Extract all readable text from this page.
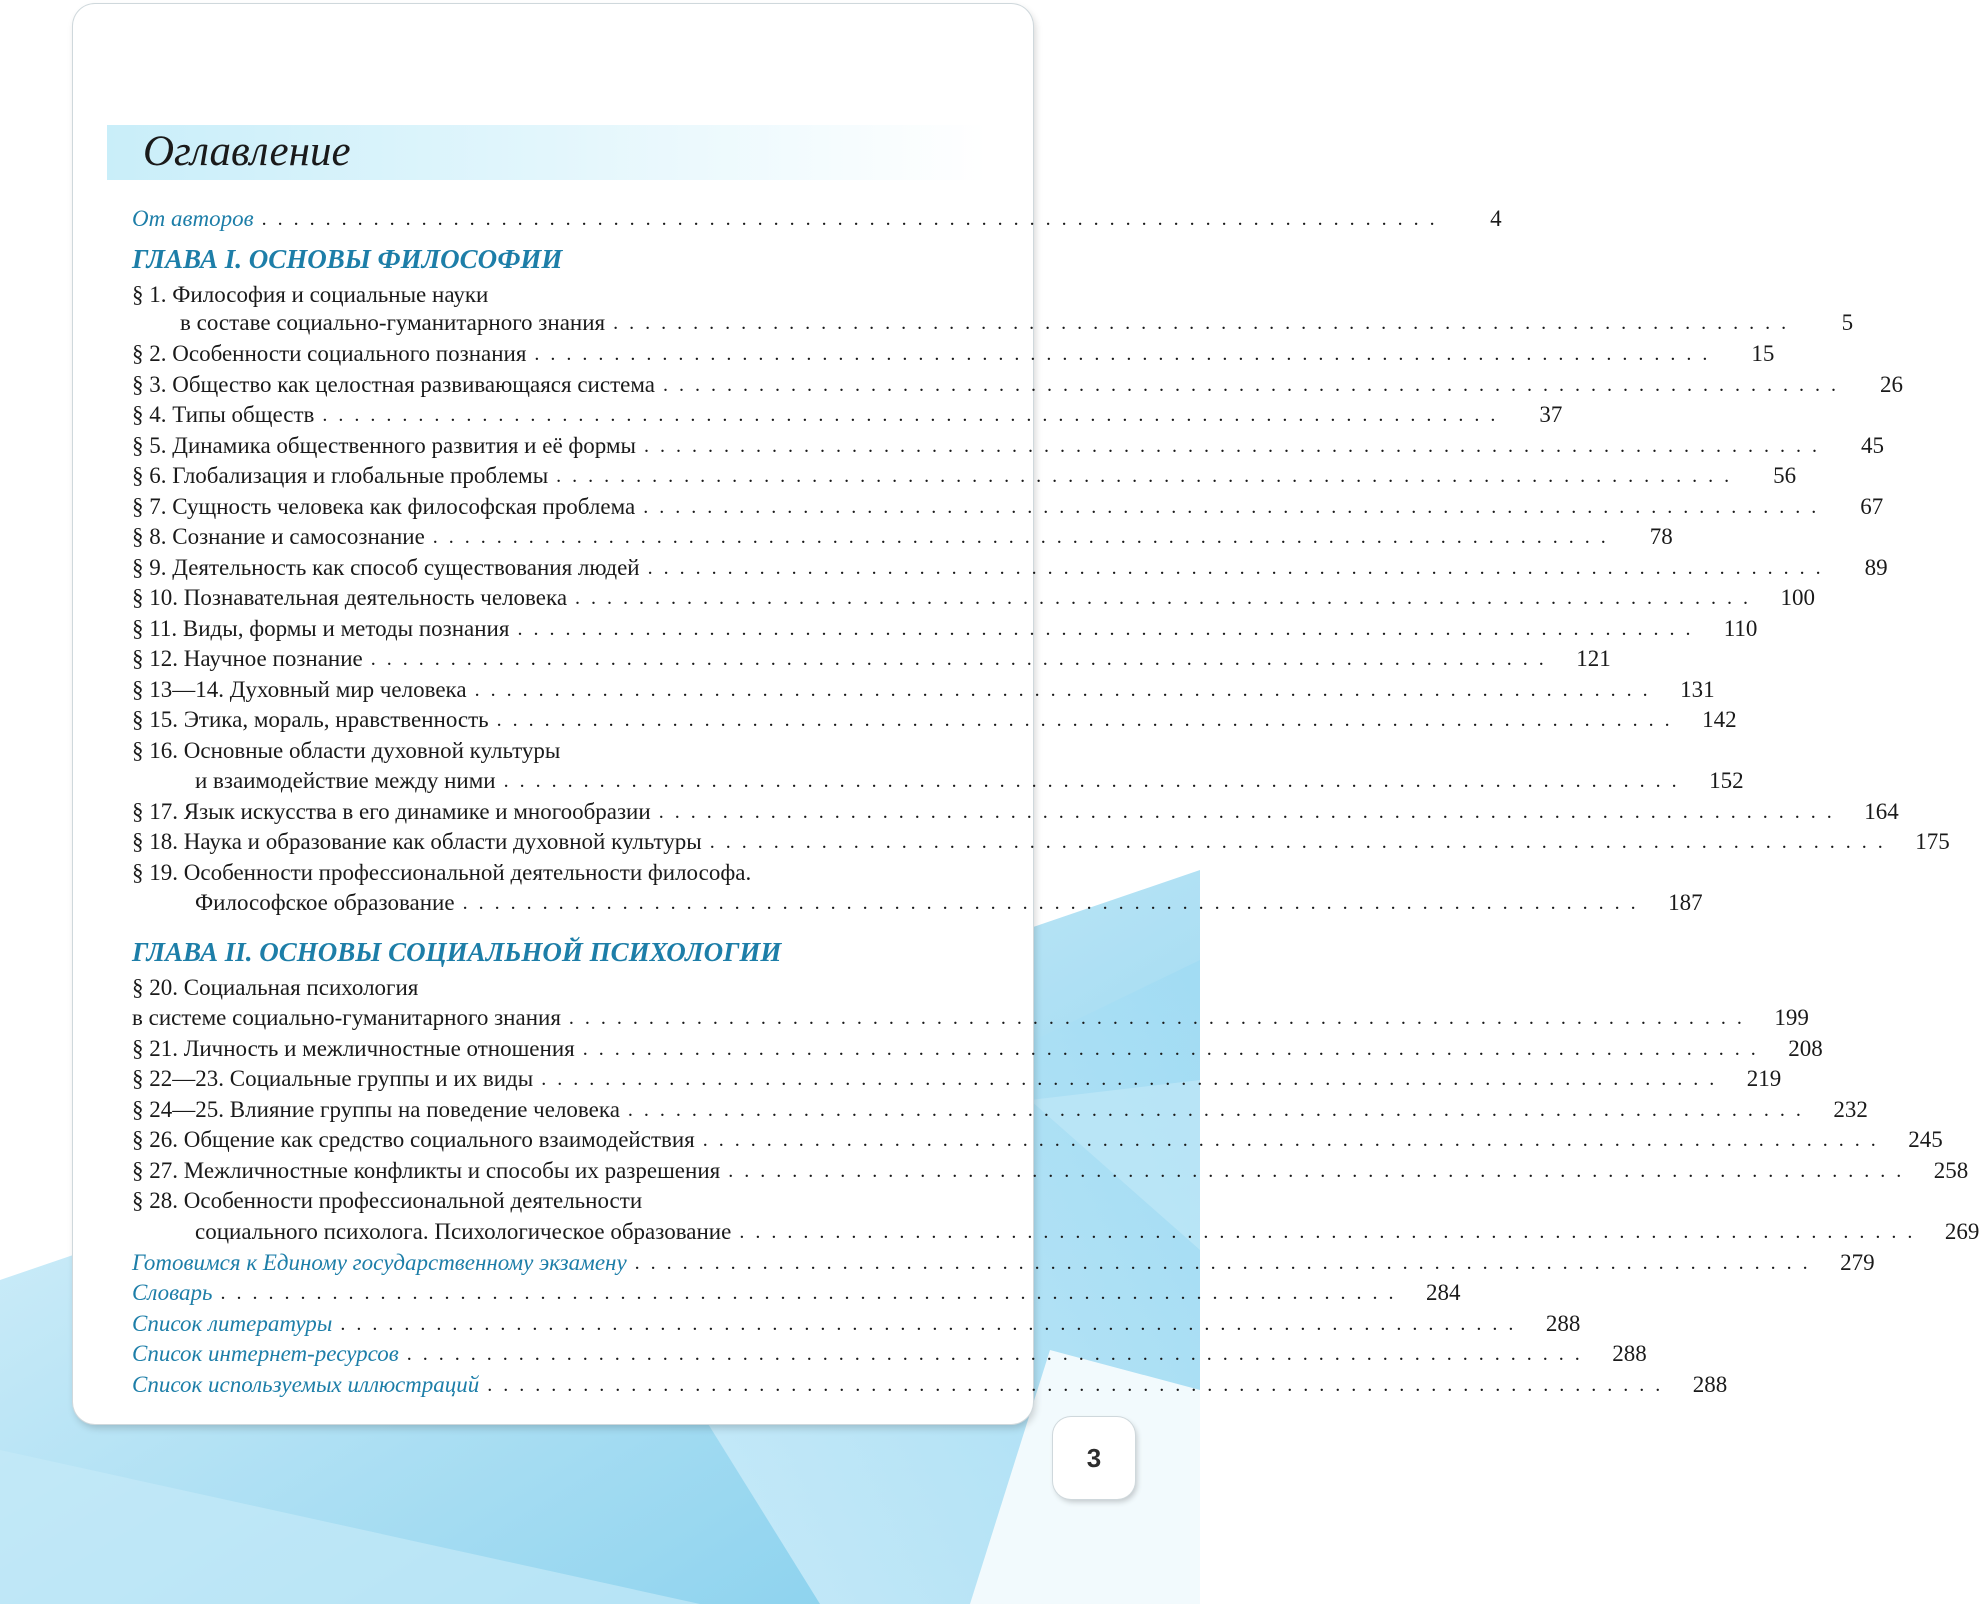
Оглавление
От авторов . . . . . . . . . . . . . . . . . . . . . . . . . . . . . . . . . . . . . . . . . . . . . . . . . . . . . . . . . . . . . . . . . . . . . . . . . .	4
ГЛАВА I. ОСНОВЫ ФИЛОСОФИИ
§ 1. Философия и социальные науки
в составе социально-гуманитарного знания . . . . . . . . . . . . . . . . . . . . . . . . . . . . . . . . . . . . . . . . . . . . . . . . . . . . . . . . . . . . . . . . . . . . . . . . . .	5
§ 2. Особенности социального познания . . . . . . . . . . . . . . . . . . . . . . . . . . . . . . . . . . . . . . . . . . . . . . . . . . . . . . . . . . . . . . . . . . . . . . . . . .	15
§ 3. Общество как целостная развивающаяся система . . . . . . . . . . . . . . . . . . . . . . . . . . . . . . . . . . . . . . . . . . . . . . . . . . . . . . . . . . . . . . . . . . . . . . . . . .	26
§ 4. Типы обществ . . . . . . . . . . . . . . . . . . . . . . . . . . . . . . . . . . . . . . . . . . . . . . . . . . . . . . . . . . . . . . . . . . . . . . . . . .	37
§ 5. Динамика общественного развития и её формы . . . . . . . . . . . . . . . . . . . . . . . . . . . . . . . . . . . . . . . . . . . . . . . . . . . . . . . . . . . . . . . . . . . . . . . . . .	45
§ 6. Глобализация и глобальные проблемы . . . . . . . . . . . . . . . . . . . . . . . . . . . . . . . . . . . . . . . . . . . . . . . . . . . . . . . . . . . . . . . . . . . . . . . . . .	56
§ 7. Сущность человека как философская проблема . . . . . . . . . . . . . . . . . . . . . . . . . . . . . . . . . . . . . . . . . . . . . . . . . . . . . . . . . . . . . . . . . . . . . . . . . .	67
§ 8. Сознание и самосознание . . . . . . . . . . . . . . . . . . . . . . . . . . . . . . . . . . . . . . . . . . . . . . . . . . . . . . . . . . . . . . . . . . . . . . . . . .	78
§ 9. Деятельность как способ существования людей . . . . . . . . . . . . . . . . . . . . . . . . . . . . . . . . . . . . . . . . . . . . . . . . . . . . . . . . . . . . . . . . . . . . . . . . . .	89
§ 10. Познавательная деятельность человека . . . . . . . . . . . . . . . . . . . . . . . . . . . . . . . . . . . . . . . . . . . . . . . . . . . . . . . . . . . . . . . . . . . . . . . . . .	100
§ 11. Виды, формы и методы познания . . . . . . . . . . . . . . . . . . . . . . . . . . . . . . . . . . . . . . . . . . . . . . . . . . . . . . . . . . . . . . . . . . . . . . . . . .	110
§ 12. Научное познание . . . . . . . . . . . . . . . . . . . . . . . . . . . . . . . . . . . . . . . . . . . . . . . . . . . . . . . . . . . . . . . . . . . . . . . . . .	121
§ 13—14. Духовный мир человека . . . . . . . . . . . . . . . . . . . . . . . . . . . . . . . . . . . . . . . . . . . . . . . . . . . . . . . . . . . . . . . . . . . . . . . . . .	131
§ 15. Этика, мораль, нравственность . . . . . . . . . . . . . . . . . . . . . . . . . . . . . . . . . . . . . . . . . . . . . . . . . . . . . . . . . . . . . . . . . . . . . . . . . .	142
§ 16. Основные области духовной культуры
и взаимодействие между ними . . . . . . . . . . . . . . . . . . . . . . . . . . . . . . . . . . . . . . . . . . . . . . . . . . . . . . . . . . . . . . . . . . . . . . . . . .	152
§ 17. Язык искусства в его динамике и многообразии . . . . . . . . . . . . . . . . . . . . . . . . . . . . . . . . . . . . . . . . . . . . . . . . . . . . . . . . . . . . . . . . . . . . . . . . . .	164
§ 18. Наука и образование как области духовной культуры . . . . . . . . . . . . . . . . . . . . . . . . . . . . . . . . . . . . . . . . . . . . . . . . . . . . . . . . . . . . . . . . . . . . . . . . . .	175
§ 19. Особенности профессиональной деятельности философа.
Философское образование . . . . . . . . . . . . . . . . . . . . . . . . . . . . . . . . . . . . . . . . . . . . . . . . . . . . . . . . . . . . . . . . . . . . . . . . . .	187
ГЛАВА II. ОСНОВЫ СОЦИАЛЬНОЙ ПСИХОЛОГИИ
§ 20. Социальная психология
в системе социально-гуманитарного знания . . . . . . . . . . . . . . . . . . . . . . . . . . . . . . . . . . . . . . . . . . . . . . . . . . . . . . . . . . . . . . . . . . . . . . . . . .	199
§ 21. Личность и межличностные отношения . . . . . . . . . . . . . . . . . . . . . . . . . . . . . . . . . . . . . . . . . . . . . . . . . . . . . . . . . . . . . . . . . . . . . . . . . .	208
§ 22—23. Социальные группы и их виды . . . . . . . . . . . . . . . . . . . . . . . . . . . . . . . . . . . . . . . . . . . . . . . . . . . . . . . . . . . . . . . . . . . . . . . . . .	219
§ 24—25. Влияние группы на поведение человека . . . . . . . . . . . . . . . . . . . . . . . . . . . . . . . . . . . . . . . . . . . . . . . . . . . . . . . . . . . . . . . . . . . . . . . . . .	232
§ 26. Общение как средство социального взаимодействия . . . . . . . . . . . . . . . . . . . . . . . . . . . . . . . . . . . . . . . . . . . . . . . . . . . . . . . . . . . . . . . . . . . . . . . . . .	245
§ 27. Межличностные конфликты и способы их разрешения . . . . . . . . . . . . . . . . . . . . . . . . . . . . . . . . . . . . . . . . . . . . . . . . . . . . . . . . . . . . . . . . . . . . . . . . . .	258
§ 28. Особенности профессиональной деятельности
социального психолога. Психологическое образование . . . . . . . . . . . . . . . . . . . . . . . . . . . . . . . . . . . . . . . . . . . . . . . . . . . . . . . . . . . . . . . . . . . . . . . . . .	269
Готовимся к Единому государственному экзамену . . . . . . . . . . . . . . . . . . . . . . . . . . . . . . . . . . . . . . . . . . . . . . . . . . . . . . . . . . . . . . . . . . . . . . . . . .	279
Словарь . . . . . . . . . . . . . . . . . . . . . . . . . . . . . . . . . . . . . . . . . . . . . . . . . . . . . . . . . . . . . . . . . . . . . . . . . .	284
Список литературы . . . . . . . . . . . . . . . . . . . . . . . . . . . . . . . . . . . . . . . . . . . . . . . . . . . . . . . . . . . . . . . . . . . . . . . . . .	288
Список интернет-ресурсов . . . . . . . . . . . . . . . . . . . . . . . . . . . . . . . . . . . . . . . . . . . . . . . . . . . . . . . . . . . . . . . . . . . . . . . . . .	288
Список используемых иллюстраций . . . . . . . . . . . . . . . . . . . . . . . . . . . . . . . . . . . . . . . . . . . . . . . . . . . . . . . . . . . . . . . . . . . . . . . . . .	288
3
